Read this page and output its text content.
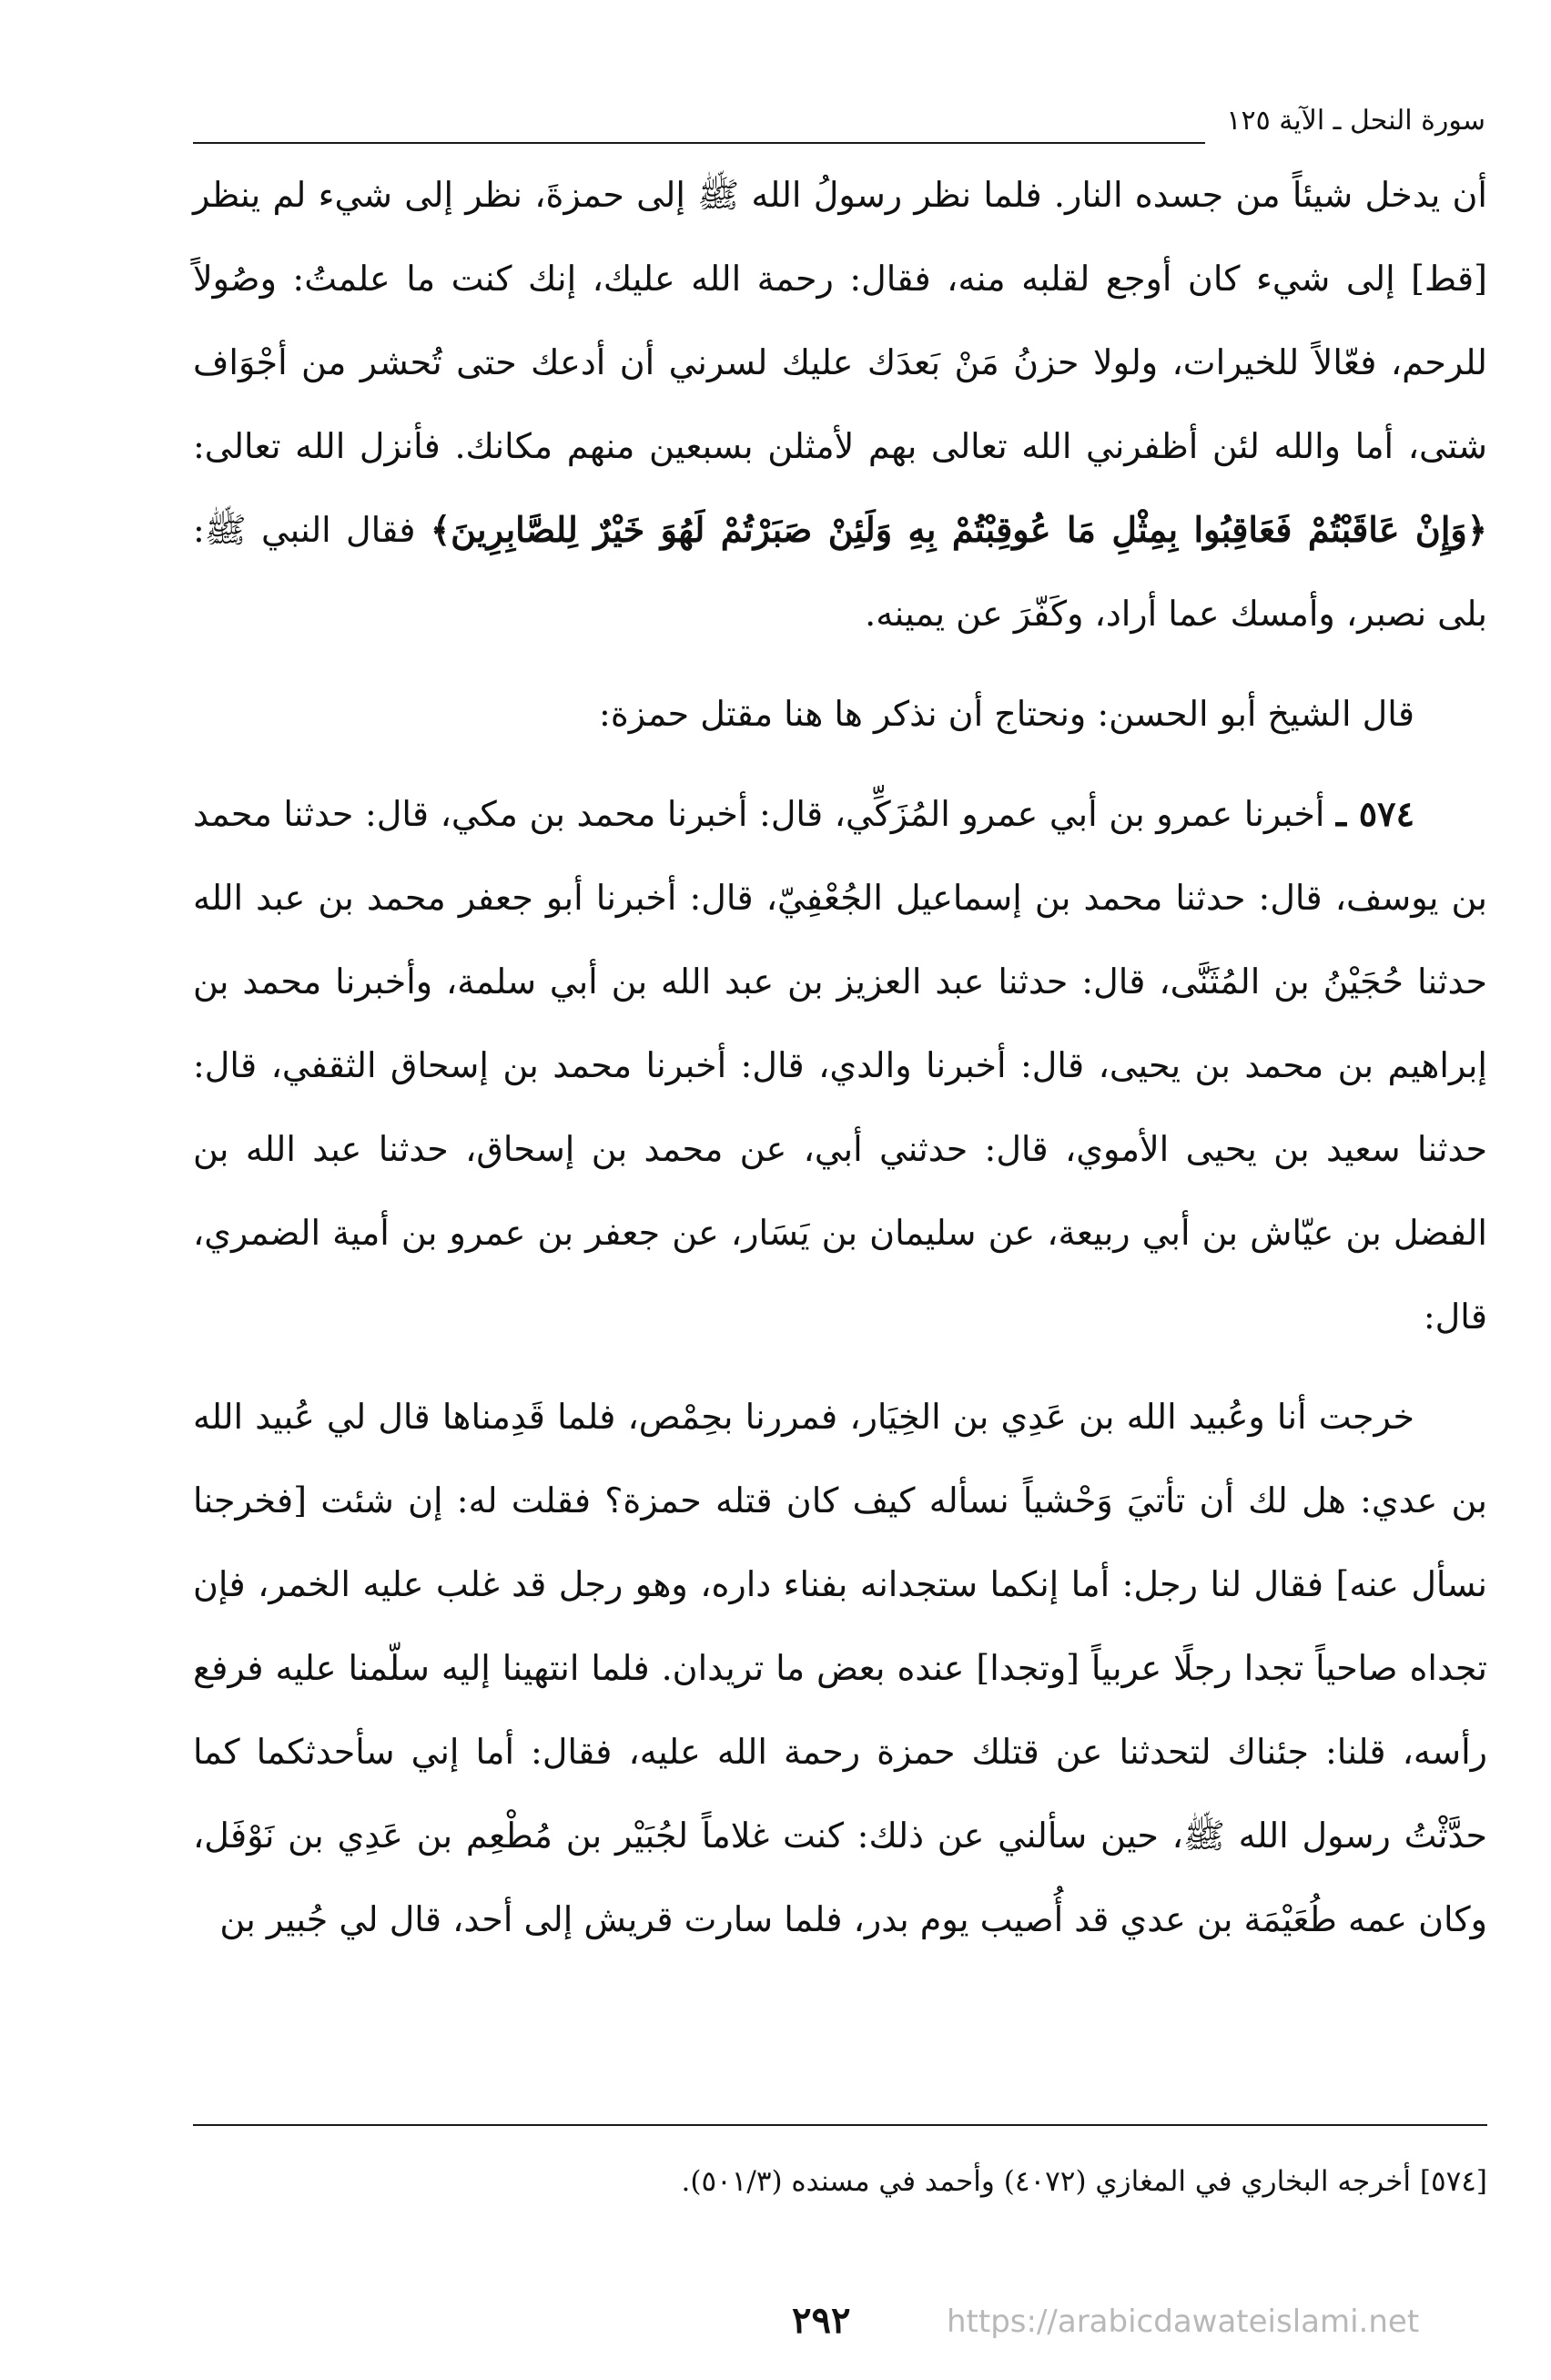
سورة النحل ـ الآية ١٢٥

أن يدخل شيئاً من جسده النار. فلما نظر رسولُ الله ﷺ إلى حمزةَ، نظر إلى شيء لم ينظر [قط] إلى شيء كان أوجع لقلبه منه، فقال: رحمة الله عليك، إنك كنت ما علمتُ: وصُولاً للرحم، فعّالاً للخيرات، ولولا حزنُ مَنْ بَعدَك عليك لسرني أن أدعك حتى تُحشر من أجْوَاف شتى، أما والله لئن أظفرني الله تعالى بهم لأمثلن بسبعين منهم مكانك. فأنزل الله تعالى: ﴿وَإِنْ عَاقَبْتُمْ فَعَاقِبُوا بِمِثْلِ مَا عُوقِبْتُمْ بِهِ وَلَئِنْ صَبَرْتُمْ لَهُوَ خَيْرٌ لِلصَّابِرِينَ﴾ فقال النبي ﷺ: بلى نصبر، وأمسك عما أراد، وكَفّرَ عن يمينه.

قال الشيخ أبو الحسن: ونحتاج أن نذكر ها هنا مقتل حمزة:

٥٧٤ ـ أخبرنا عمرو بن أبي عمرو المُزَكِّي، قال: أخبرنا محمد بن مكي، قال: حدثنا محمد بن يوسف، قال: حدثنا محمد بن إسماعيل الجُعْفِيّ، قال: أخبرنا أبو جعفر محمد بن عبد الله حدثنا حُجَيْنُ بن المُثَنَّى، قال: حدثنا عبد العزيز بن عبد الله بن أبي سلمة، وأخبرنا محمد بن إبراهيم بن محمد بن يحيى، قال: أخبرنا والدي، قال: أخبرنا محمد بن إسحاق الثقفي، قال: حدثنا سعيد بن يحيى الأموي، قال: حدثني أبي، عن محمد بن إسحاق، حدثنا عبد الله بن الفضل بن عيّاش بن أبي ربيعة، عن سليمان بن يَسَار، عن جعفر بن عمرو بن أمية الضمري، قال:

خرجت أنا وعُبيد الله بن عَدِي بن الخِيَار، فمررنا بحِمْص، فلما قَدِمناها قال لي عُبيد الله بن عدي: هل لك أن تأتيَ وَحْشياً نسأله كيف كان قتله حمزة؟ فقلت له: إن شئت [فخرجنا نسأل عنه] فقال لنا رجل: أما إنكما ستجدانه بفناء داره، وهو رجل قد غلب عليه الخمر، فإن تجداه صاحياً تجدا رجلًا عربياً [وتجدا] عنده بعض ما تريدان. فلما انتهينا إليه سلّمنا عليه فرفع رأسه، قلنا: جئناك لتحدثنا عن قتلك حمزة رحمة الله عليه، فقال: أما إني سأحدثكما كما حدَّثْتُ رسول الله ﷺ، حين سألني عن ذلك: كنت غلاماً لجُبَيْر بن مُطْعِم بن عَدِي بن نَوْفَل، وكان عمه طُعَيْمَة بن عدي قد أُصيب يوم بدر، فلما سارت قريش إلى أحد، قال لي جُبير بن

[٥٧٤] أخرجه البخاري في المغازي (٤٠٧٢) وأحمد في مسنده (٥٠١/٣).
٢٩٢	https://arabicdawateislami.net
